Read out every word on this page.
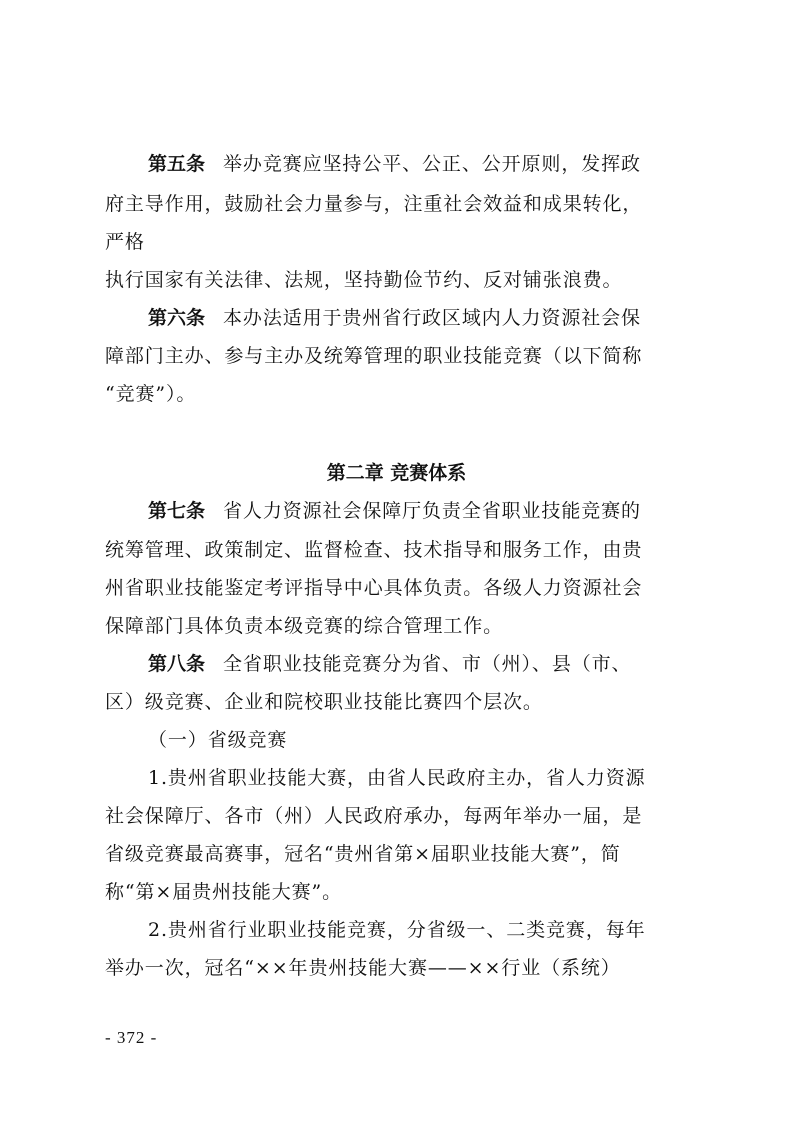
第五条 举办竞赛应坚持公平、公正、公开原则，发挥政
府主导作用，鼓励社会力量参与，注重社会效益和成果转化，
严格
执行国家有关法律、法规，坚持勤俭节约、反对铺张浪费。
第六条 本办法适用于贵州省行政区域内人力资源社会保
障部门主办、参与主办及统筹管理的职业技能竞赛（以下简称
“竞赛”）。
第二章 竞赛体系
第七条 省人力资源社会保障厅负责全省职业技能竞赛的
统筹管理、政策制定、监督检查、技术指导和服务工作，由贵
州省职业技能鉴定考评指导中心具体负责。各级人力资源社会
保障部门具体负责本级竞赛的综合管理工作。
第八条 全省职业技能竞赛分为省、市（州）、县（市、
区）级竞赛、企业和院校职业技能比赛四个层次。
（一）省级竞赛
1.贵州省职业技能大赛，由省人民政府主办，省人力资源
社会保障厅、各市（州）人民政府承办，每两年举办一届，是
省级竞赛最高赛事，冠名“贵州省第×届职业技能大赛”，简
称“第×届贵州技能大赛”。
2.贵州省行业职业技能竞赛，分省级一、二类竞赛，每年
举办一次，冠名“××年贵州技能大赛——××行业（系统）
- 372 -
